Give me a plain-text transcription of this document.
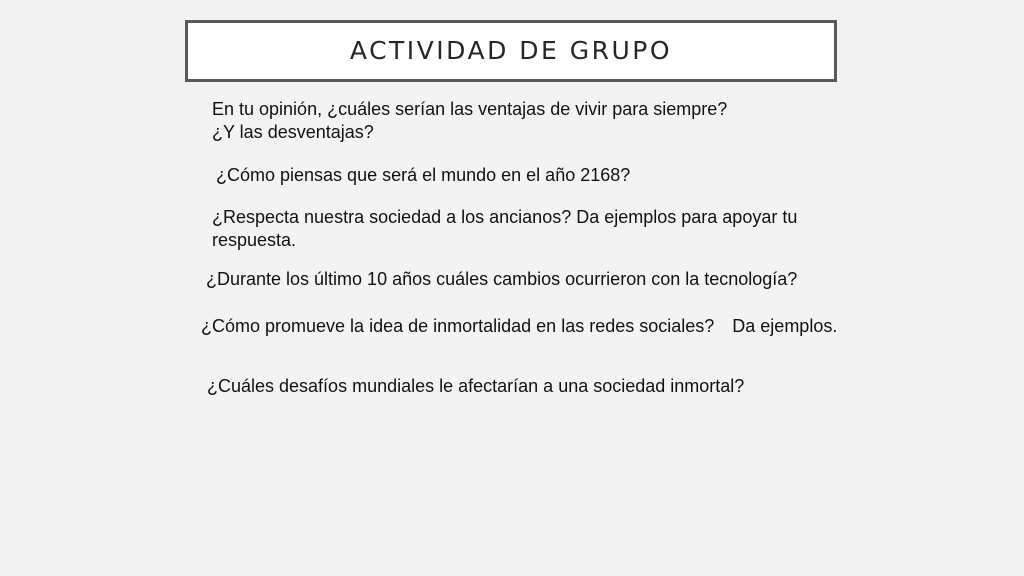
ACTIVIDAD DE GRUPO
En tu opinión, ¿cuáles serían las ventajas de vivir para siempre?
¿Y las desventajas?
¿Cómo piensas que será el mundo en el año 2168?
¿Respecta nuestra sociedad a los ancianos? Da ejemplos para apoyar tu
respuesta.
¿Durante los último 10 años cuáles cambios ocurrieron con la tecnología?
¿Cómo promueve la idea de inmortalidad en las redes sociales? Da ejemplos.
¿Cuáles desafíos mundiales le afectarían a una sociedad inmortal?
